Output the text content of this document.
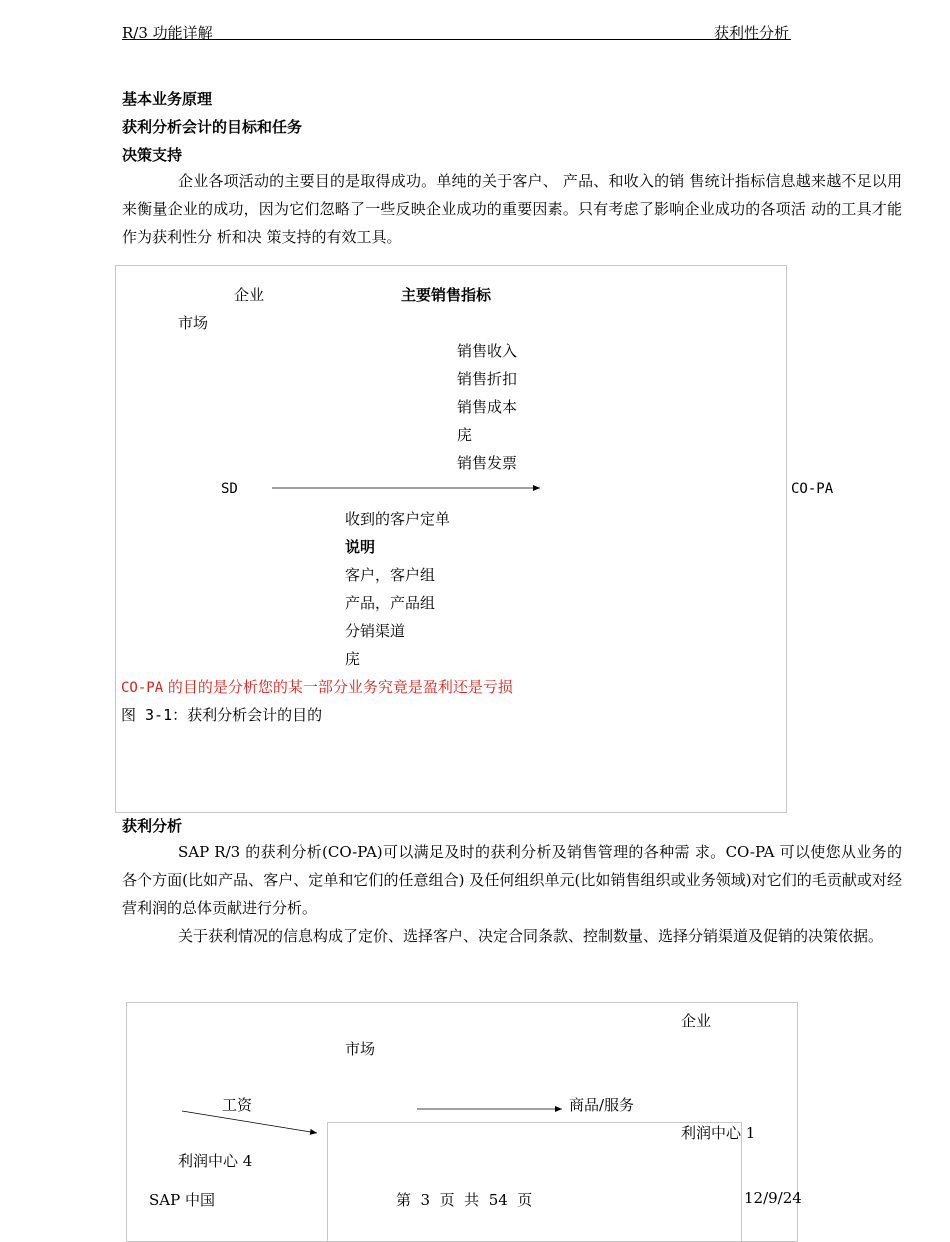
R/3 功能详解	获利性分析
基本业务原理
获利分析会计的目标和任务
决策支持
企业各项活动的主要目的是取得成功。单纯的关于客户、 产品、和收入的销 售统计指标信息越来越不足以用来衡量企业的成功，因为它们忽略了一些反映企业成功的重要因素。只有考虑了影响企业成功的各项活 动的工具才能作为获利性分 析和决 策支持的有效工具。
企业	主要销售指标
市场
销售收入
销售折扣
销售成本
庑
销售发票
SD	CO-PA
收到的客户定单
说明
客户，客户组
产品，产品组
分销渠道
庑
CO-PA 的目的是分析您的某一部分业务究竟是盈利还是亏损
图 3-1：获利分析会计的目的
获利分析
SAP R/3 的获利分析(CO-PA)可以满足及时的获利分析及销售管理的各种需 求。CO-PA 可以使您从业务的各个方面(比如产品、客户、定单和它们的任意组合) 及任何组织单元(比如销售组织或业务领域)对它们的毛贡献或对经营利润的总体贡献进行分析。
关于获利情况的信息构成了定价、选择客户、决定合同条款、控制数量、选择分销渠道及促销的决策依据。
企业
市场
工资	商品/服务
利润中心 1
利润中心 4
SAP 中国	第  3  页  共  54  页	12/9/24
